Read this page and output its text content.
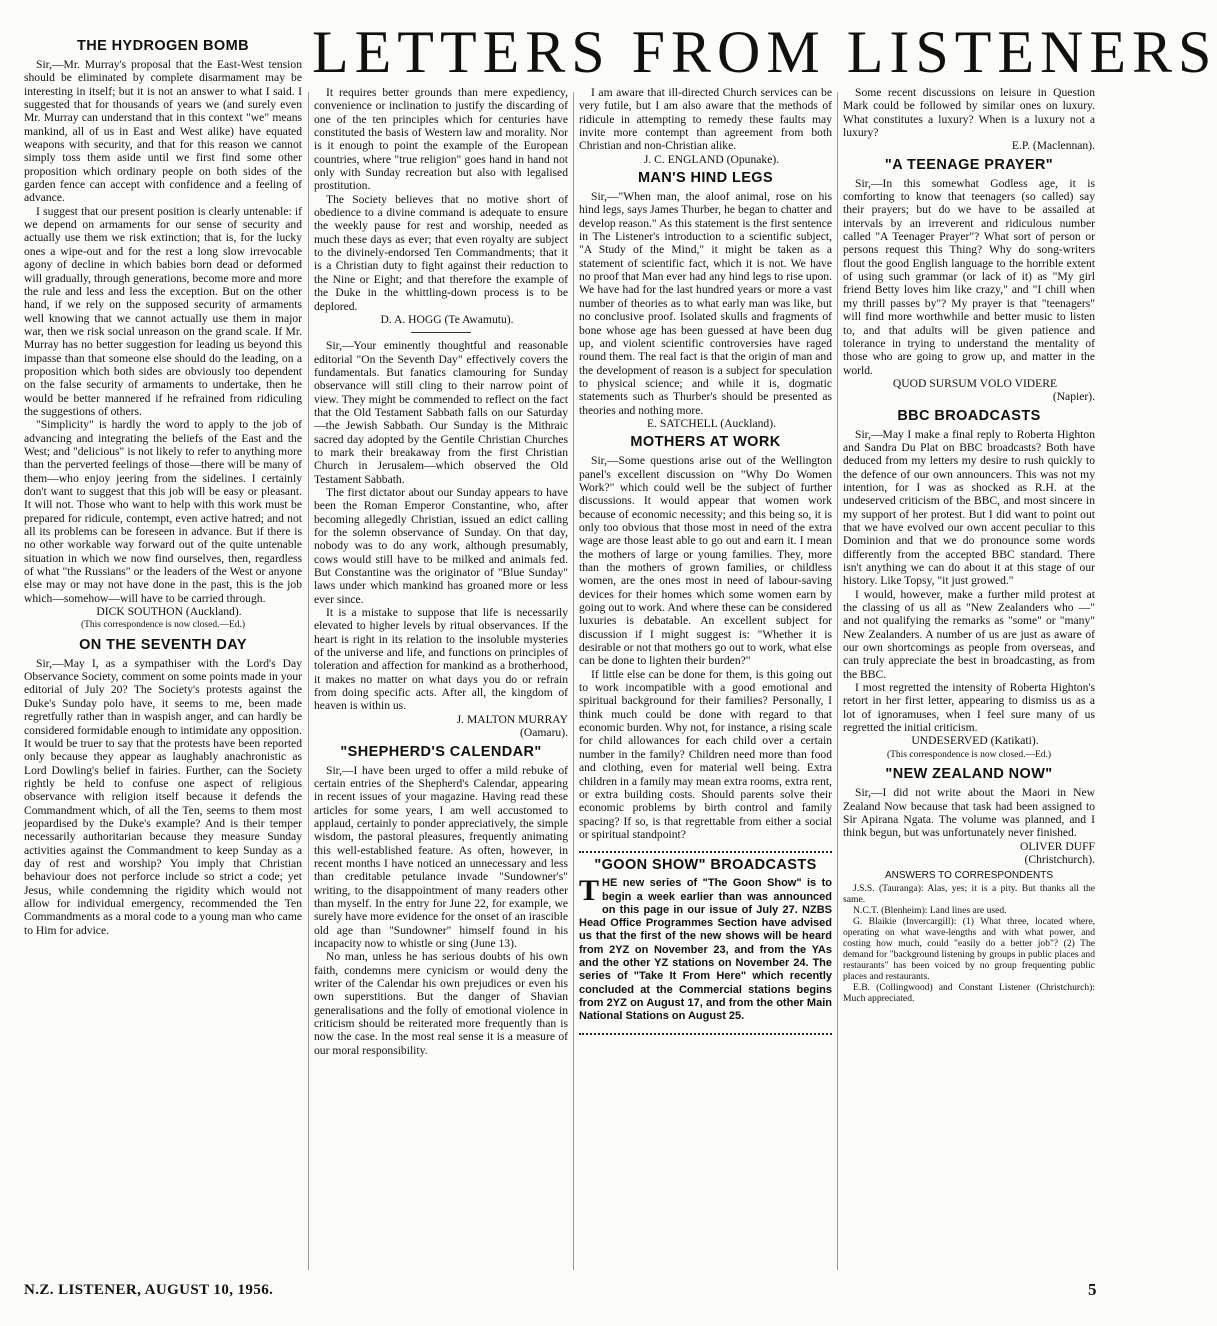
LETTERS FROM LISTENERS
THE HYDROGEN BOMB

Sir,—Mr. Murray's proposal that the East-West tension should be eliminated by complete disarmament may be interesting in itself; but it is not an answer to what I said. I suggested that for thousands of years we (and surely even Mr. Murray can understand that in this context "we" means mankind, all of us in East and West alike) have equated weapons with security, and that for this reason we cannot simply toss them aside until we first find some other proposition which ordinary people on both sides of the garden fence can accept with confidence and a feeling of advance.

I suggest that our present position is clearly untenable: if we depend on armaments for our sense of security and actually use them we risk extinction; that is, for the lucky ones a wipe-out and for the rest a long slow irrevocable agony of decline in which babies born dead or deformed will gradually, through generations, become more and more the rule and less and less the exception. But on the other hand, if we rely on the supposed security of armaments well knowing that we cannot actually use them in major war, then we risk social unreason on the grand scale. If Mr. Murray has no better suggestion for leading us beyond this impasse than that someone else should do the leading, on a proposition which both sides are obviously too dependent on the false security of armaments to undertake, then he would be better mannered if he refrained from ridiculing the suggestions of others.

"Simplicity" is hardly the word to apply to the job of advancing and integrating the beliefs of the East and the West; and "delicious" is not likely to refer to anything more than the perverted feelings of those—there will be many of them—who enjoy jeering from the sidelines. I certainly don't want to suggest that this job will be easy or pleasant. It will not. Those who want to help with this work must be prepared for ridicule, contempt, even active hatred; and not all its problems can be foreseen in advance. But if there is no other workable way forward out of the quite untenable situation in which we now find ourselves, then, regardless of what "the Russians" or the leaders of the West or anyone else may or may not have done in the past, this is the job which—somehow—will have to be carried through.

DICK SOUTHON (Auckland).

(This correspondence is now closed.—Ed.)
ON THE SEVENTH DAY

Sir,—May I, as a sympathiser with the Lord's Day Observance Society, comment on some points made in your editorial of July 20? The Society's protests against the Duke's Sunday polo have, it seems to me, been made regretfully rather than in waspish anger, and can hardly be considered formidable enough to intimidate any opposition. It would be truer to say that the protests have been reported only because they appear as laughably anachronistic as Lord Dowling's belief in fairies. Further, can the Society rightly be held to confuse one aspect of religious observance with religion itself because it defends the Commandment which, of all the Ten, seems to them most jeopardised by the Duke's example? And is their temper necessarily authoritarian because they measure Sunday activities against the Commandment to keep Sunday as a day of rest and worship? You imply that Christian behaviour does not perforce include so strict a code; yet Jesus, while condemning the rigidity which would not allow for individual emergency, recommended the Ten Commandments as a moral code to a young man who came to Him for advice.

It requires better grounds than mere expediency, convenience or inclination to justify the discarding of one of the ten principles which for centuries have constituted the basis of Western law and morality. Nor is it enough to point the example of the European countries, where "true religion" goes hand in hand not only with Sunday recreation but also with legalised prostitution.

The Society believes that no motive short of obedience to a divine command is adequate to ensure the weekly pause for rest and worship, needed as much these days as ever; that even royalty are subject to the divinely-endorsed Ten Commandments; that it is a Christian duty to fight against their reduction to the Nine or Eight; and that therefore the example of the Duke in the whittling-down process is to be deplored.

D. A. HOGG (Te Awamutu).

Sir,—Your eminently thoughtful and reasonable editorial "On the Seventh Day" effectively covers the fundamentals. But fanatics clamouring for Sunday observance will still cling to their narrow point of view. They might be commended to reflect on the fact that the Old Testament Sabbath falls on our Saturday—the Jewish Sabbath. Our Sunday is the Mithraic sacred day adopted by the Gentile Christian Churches to mark their breakaway from the first Christian Church in Jerusalem—which observed the Old Testament Sabbath.

The first dictator about our Sunday appears to have been the Roman Emperor Constantine, who, after becoming allegedly Christian, issued an edict calling for the solemn observance of Sunday. On that day, nobody was to do any work, although presumably, cows would still have to be milked and animals fed. But Constantine was the originator of "Blue Sunday" laws under which mankind has groaned more or less ever since.

It is a mistake to suppose that life is necessarily elevated to higher levels by ritual observances. If the heart is right in its relation to the insoluble mysteries of the universe and life, and functions on principles of toleration and affection for mankind as a brotherhood, it makes no matter on what days you do or refrain from doing specific acts. After all, the kingdom of heaven is within us.

J. MALTON MURRAY

(Oamaru).

"SHEPHERD'S CALENDAR"

Sir,—I have been urged to offer a mild rebuke of certain entries of the Shepherd's Calendar, appearing in recent issues of your magazine. Having read these articles for some years, I am well accustomed to applaud, certainly to ponder appreciatively, the simple wisdom, the pastoral pleasures, frequently animating this well-established feature. As often, however, in recent months I have noticed an unnecessary and less than creditable petulance invade "Sundowner's" writing, to the disappointment of many readers other than myself. In the entry for June 22, for example, we surely have more evidence for the onset of an irascible old age than "Sundowner" himself found in his incapacity now to whistle or sing (June 13).

No man, unless he has serious doubts of his own faith, condemns mere cynicism or would deny the writer of the Calendar his own prejudices or even his own superstitions. But the danger of Shavian generalisations and the folly of emotional violence in criticism should be reiterated more frequently than is now the case. In the most real sense it is a measure of our moral responsibility.

I am aware that ill-directed Church services can be very futile, but I am also aware that the methods of ridicule in attempting to remedy these faults may invite more contempt than agreement from both Christian and non-Christian alike.

J. C. ENGLAND (Opunake).

MAN'S HIND LEGS

Sir,—"When man, the aloof animal, rose on his hind legs, says James Thurber, he began to chatter and develop reason." As this statement is the first sentence in The Listener's introduction to a scientific subject, "A Study of the Mind," it might be taken as a statement of scientific fact, which it is not. We have no proof that Man ever had any hind legs to rise upon. We have had for the last hundred years or more a vast number of theories as to what early man was like, but no conclusive proof. Isolated skulls and fragments of bone whose age has been guessed at have been dug up, and violent scientific controversies have raged round them. The real fact is that the origin of man and the development of reason is a subject for speculation to physical science; and while it is, dogmatic statements such as Thurber's should be presented as theories and nothing more.

E. SATCHELL (Auckland).

MOTHERS AT WORK

Sir,—Some questions arise out of the Wellington panel's excellent discussion on "Why Do Women Work?" which could well be the subject of further discussions. It would appear that women work because of economic necessity; and this being so, it is only too obvious that those most in need of the extra wage are those least able to go out and earn it. I mean the mothers of large or young families. They, more than the mothers of grown families, or childless women, are the ones most in need of labour-saving devices for their homes which some women earn by going out to work. And where these can be considered luxuries is debatable. An excellent subject for discussion if I might suggest is: "Whether it is desirable or not that mothers go out to work, what else can be done to lighten their burden?"

If little else can be done for them, is this going out to work incompatible with a good emotional and spiritual background for their families? Personally, I think much could be done with regard to that economic burden. Why not, for instance, a rising scale for child allowances for each child over a certain number in the family? Children need more than food and clothing, even for material well being. Extra children in a family may mean extra rooms, extra rent, or extra building costs. Should parents solve their economic problems by birth control and family spacing? If so, is that regrettable from either a social or spiritual standpoint?

"GOON SHOW" BROADCASTS
THE new series of "The Goon Show" is to begin a week earlier than was announced on this page in our issue of July 27. NZBS Head Office Programmes Section have advised us that the first of the new shows will be heard from 2YZ on November 23, and from the YAs and the other YZ stations on November 24. The series of "Take It From Here" which recently concluded at the Commercial stations begins from 2YZ on August 17, and from the other Main National Stations on August 25.

Some recent discussions on leisure in Question Mark could be followed by similar ones on luxury. What constitutes a luxury? When is a luxury not a luxury?

E.P. (Maclennan).

"A TEENAGE PRAYER"

Sir,—In this somewhat Godless age, it is comforting to know that teenagers (so called) say their prayers; but do we have to be assailed at intervals by an irreverent and ridiculous number called "A Teenager Prayer"? What sort of person or persons request this Thing? Why do song-writers flout the good English language to the horrible extent of using such grammar (or lack of it) as "My girl friend Betty loves him like crazy," and "I chill when my thrill passes by"? My prayer is that "teenagers" will find more worthwhile and better music to listen to, and that adults will be given patience and tolerance in trying to understand the mentality of those who are going to grow up, and matter in the world.

QUOD SURSUM VOLO VIDERE

(Napier).

BBC BROADCASTS

Sir,—May I make a final reply to Roberta Highton and Sandra Du Plat on BBC broadcasts? Both have deduced from my letters my desire to rush quickly to the defence of our own announcers. This was not my intention, for I was as shocked as R.H. at the undeserved criticism of the BBC, and most sincere in my support of her protest. But I did want to point out that we have evolved our own accent peculiar to this Dominion and that we do pronounce some words differently from the accepted BBC standard. There isn't anything we can do about it at this stage of our history. Like Topsy, "it just growed."

I would, however, make a further mild protest at the classing of us all as "New Zealanders who —" and not qualifying the remarks as "some" or "many" New Zealanders. A number of us are just as aware of our own shortcomings as people from overseas, and can truly appreciate the best in broadcasting, as from the BBC.

I most regretted the intensity of Roberta Highton's retort in her first letter, appearing to dismiss us as a lot of ignoramuses, when I feel sure many of us regretted the initial criticism.

UNDESERVED (Katikati).

(This correspondence is now closed.—Ed.)
"NEW ZEALAND NOW"

Sir,—I did not write about the Maori in New Zealand Now because that task had been assigned to Sir Apirana Ngata. The volume was planned, and I think begun, but was unfortunately never finished.

OLIVER DUFF

(Christchurch).

ANSWERS TO CORRESPONDENTS

J.S.S. (Tauranga): Alas, yes; it is a pity. But thanks all the same.

N.C.T. (Blenheim): Land lines are used.

G. Blaikie (Invercargill): (1) What three, located where, operating on what wave-lengths and with what power, and costing how much, could "easily do a better job"? (2) The demand for "background listening by groups in public places and restaurants" has been voiced by no group frequenting public places and restaurants.

E.B. (Collingwood) and Constant Listener (Christchurch): Much appreciated.

N.Z. LISTENER, AUGUST 10, 1956.	5
